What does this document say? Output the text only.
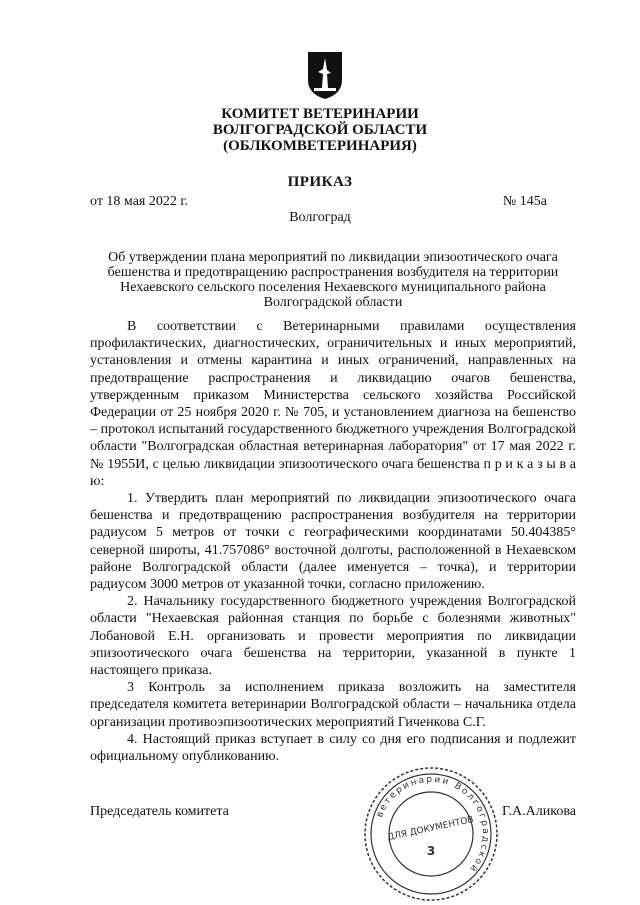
КОМИТЕТ ВЕТЕРИНАРИИ
ВОЛГОГРАДСКОЙ ОБЛАСТИ
(ОБЛКОМВЕТЕРИНАРИЯ)
ПРИКАЗ
от 18 мая 2022 г.	№ 145а
Волгоград
Об утверждении плана мероприятий по ликвидации эпизоотического очага бешенства и предотвращению распространения возбудителя на территории Нехаевского сельского поселения Нехаевского муниципального района Волгоградской области

В соответствии с Ветеринарными правилами осуществления профилактических, диагностических, ограничительных и иных мероприятий, установления и отмены карантина и иных ограничений, направленных на предотвращение распространения и ликвидацию очагов бешенства, утвержденным приказом Министерства сельского хозяйства Российской Федерации от 25 ноября 2020 г. № 705, и установлением диагноза на бешенство – протокол испытаний государственного бюджетного учреждения Волгоградской области "Волгоградская областная ветеринарная лаборатория" от 17 мая 2022 г. № 1955И, с целью ликвидации эпизоотического очага бешенства п р и к а з ы в а ю:

1. Утвердить план мероприятий по ликвидации эпизоотического очага бешенства и предотвращению распространения возбудителя на территории радиусом 5 метров от точки с географическими координатами 50.404385° северной широты, 41.757086° восточной долготы, расположенной в Нехаевском районе Волгоградской области (далее именуется – точка), и территории радиусом 3000 метров от указанной точки, согласно приложению.

2. Начальнику государственного бюджетного учреждения Волгоградской области "Нехаевская районная станция по борьбе с болезнями животных" Лобановой Е.Н. организовать и провести мероприятия по ликвидации эпизоотического очага бешенства на территории, указанной в пункте 1 настоящего приказа.

3 Контроль за исполнением приказа возложить на заместителя председателя комитета ветеринарии Волгоградской области – начальника отдела организации противоэпизоотических мероприятий Гиченкова С.Г.

4. Настоящий приказ вступает в силу со дня его подписания и подлежит официальному опубликованию.

Председатель комитета	Г.А.Аликова
ветеринарии Волгоградской
ДЛЯ ДОКУМЕНТОВ
3
